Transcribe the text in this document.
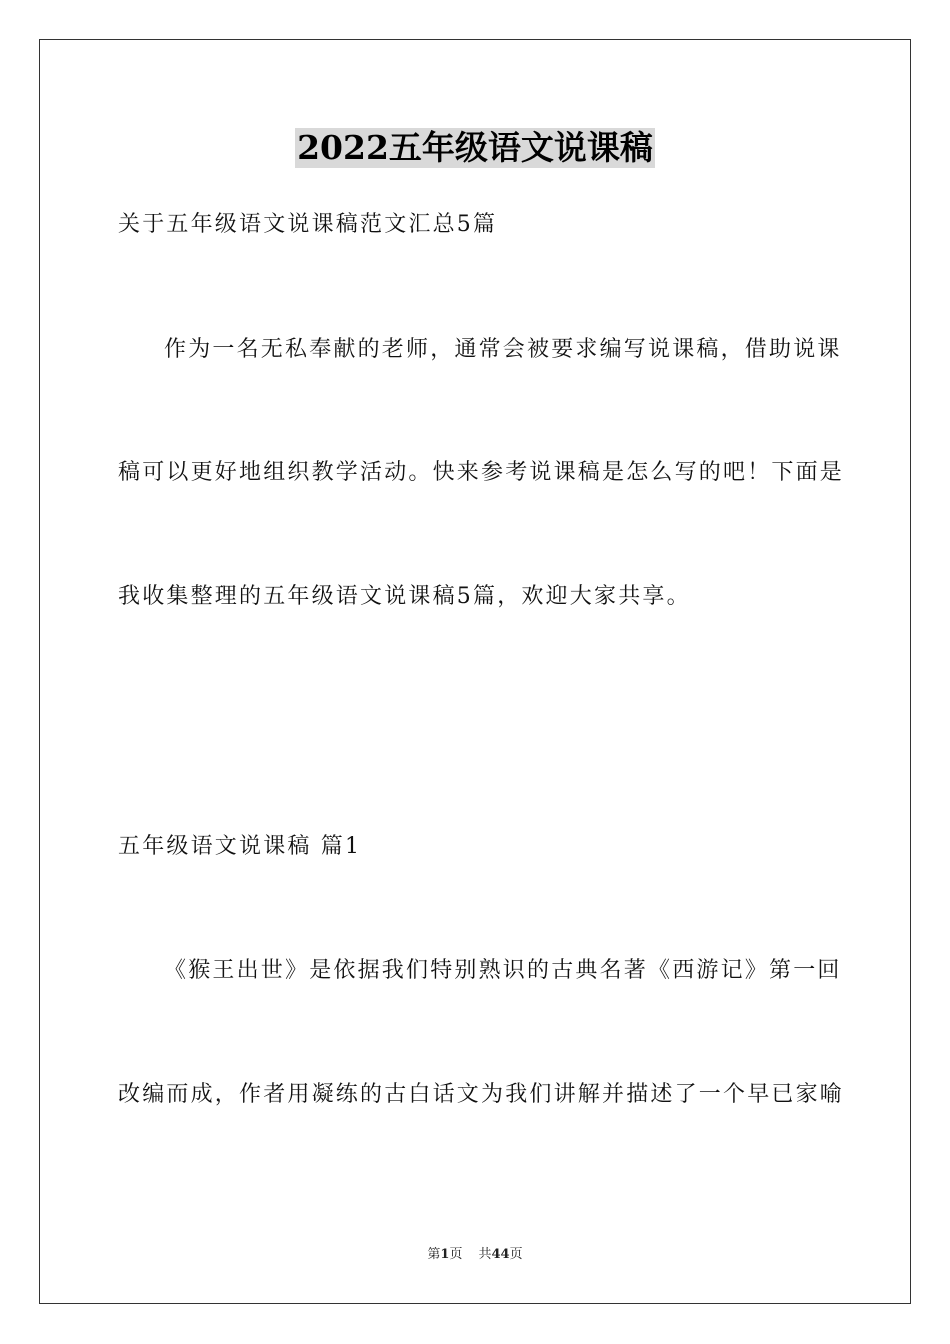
2022五年级语文说课稿
关于五年级语文说课稿范文汇总5篇
作为一名无私奉献的老师，通常会被要求编写说课稿，借助说课
稿可以更好地组织教学活动。快来参考说课稿是怎么写的吧！下面是
我收集整理的五年级语文说课稿5篇，欢迎大家共享。
五年级语文说课稿 篇1
《猴王出世》是依据我们特别熟识的古典名著《西游记》第一回
改编而成，作者用凝练的古白话文为我们讲解并描述了一个早已家喻
第1页 共44页
